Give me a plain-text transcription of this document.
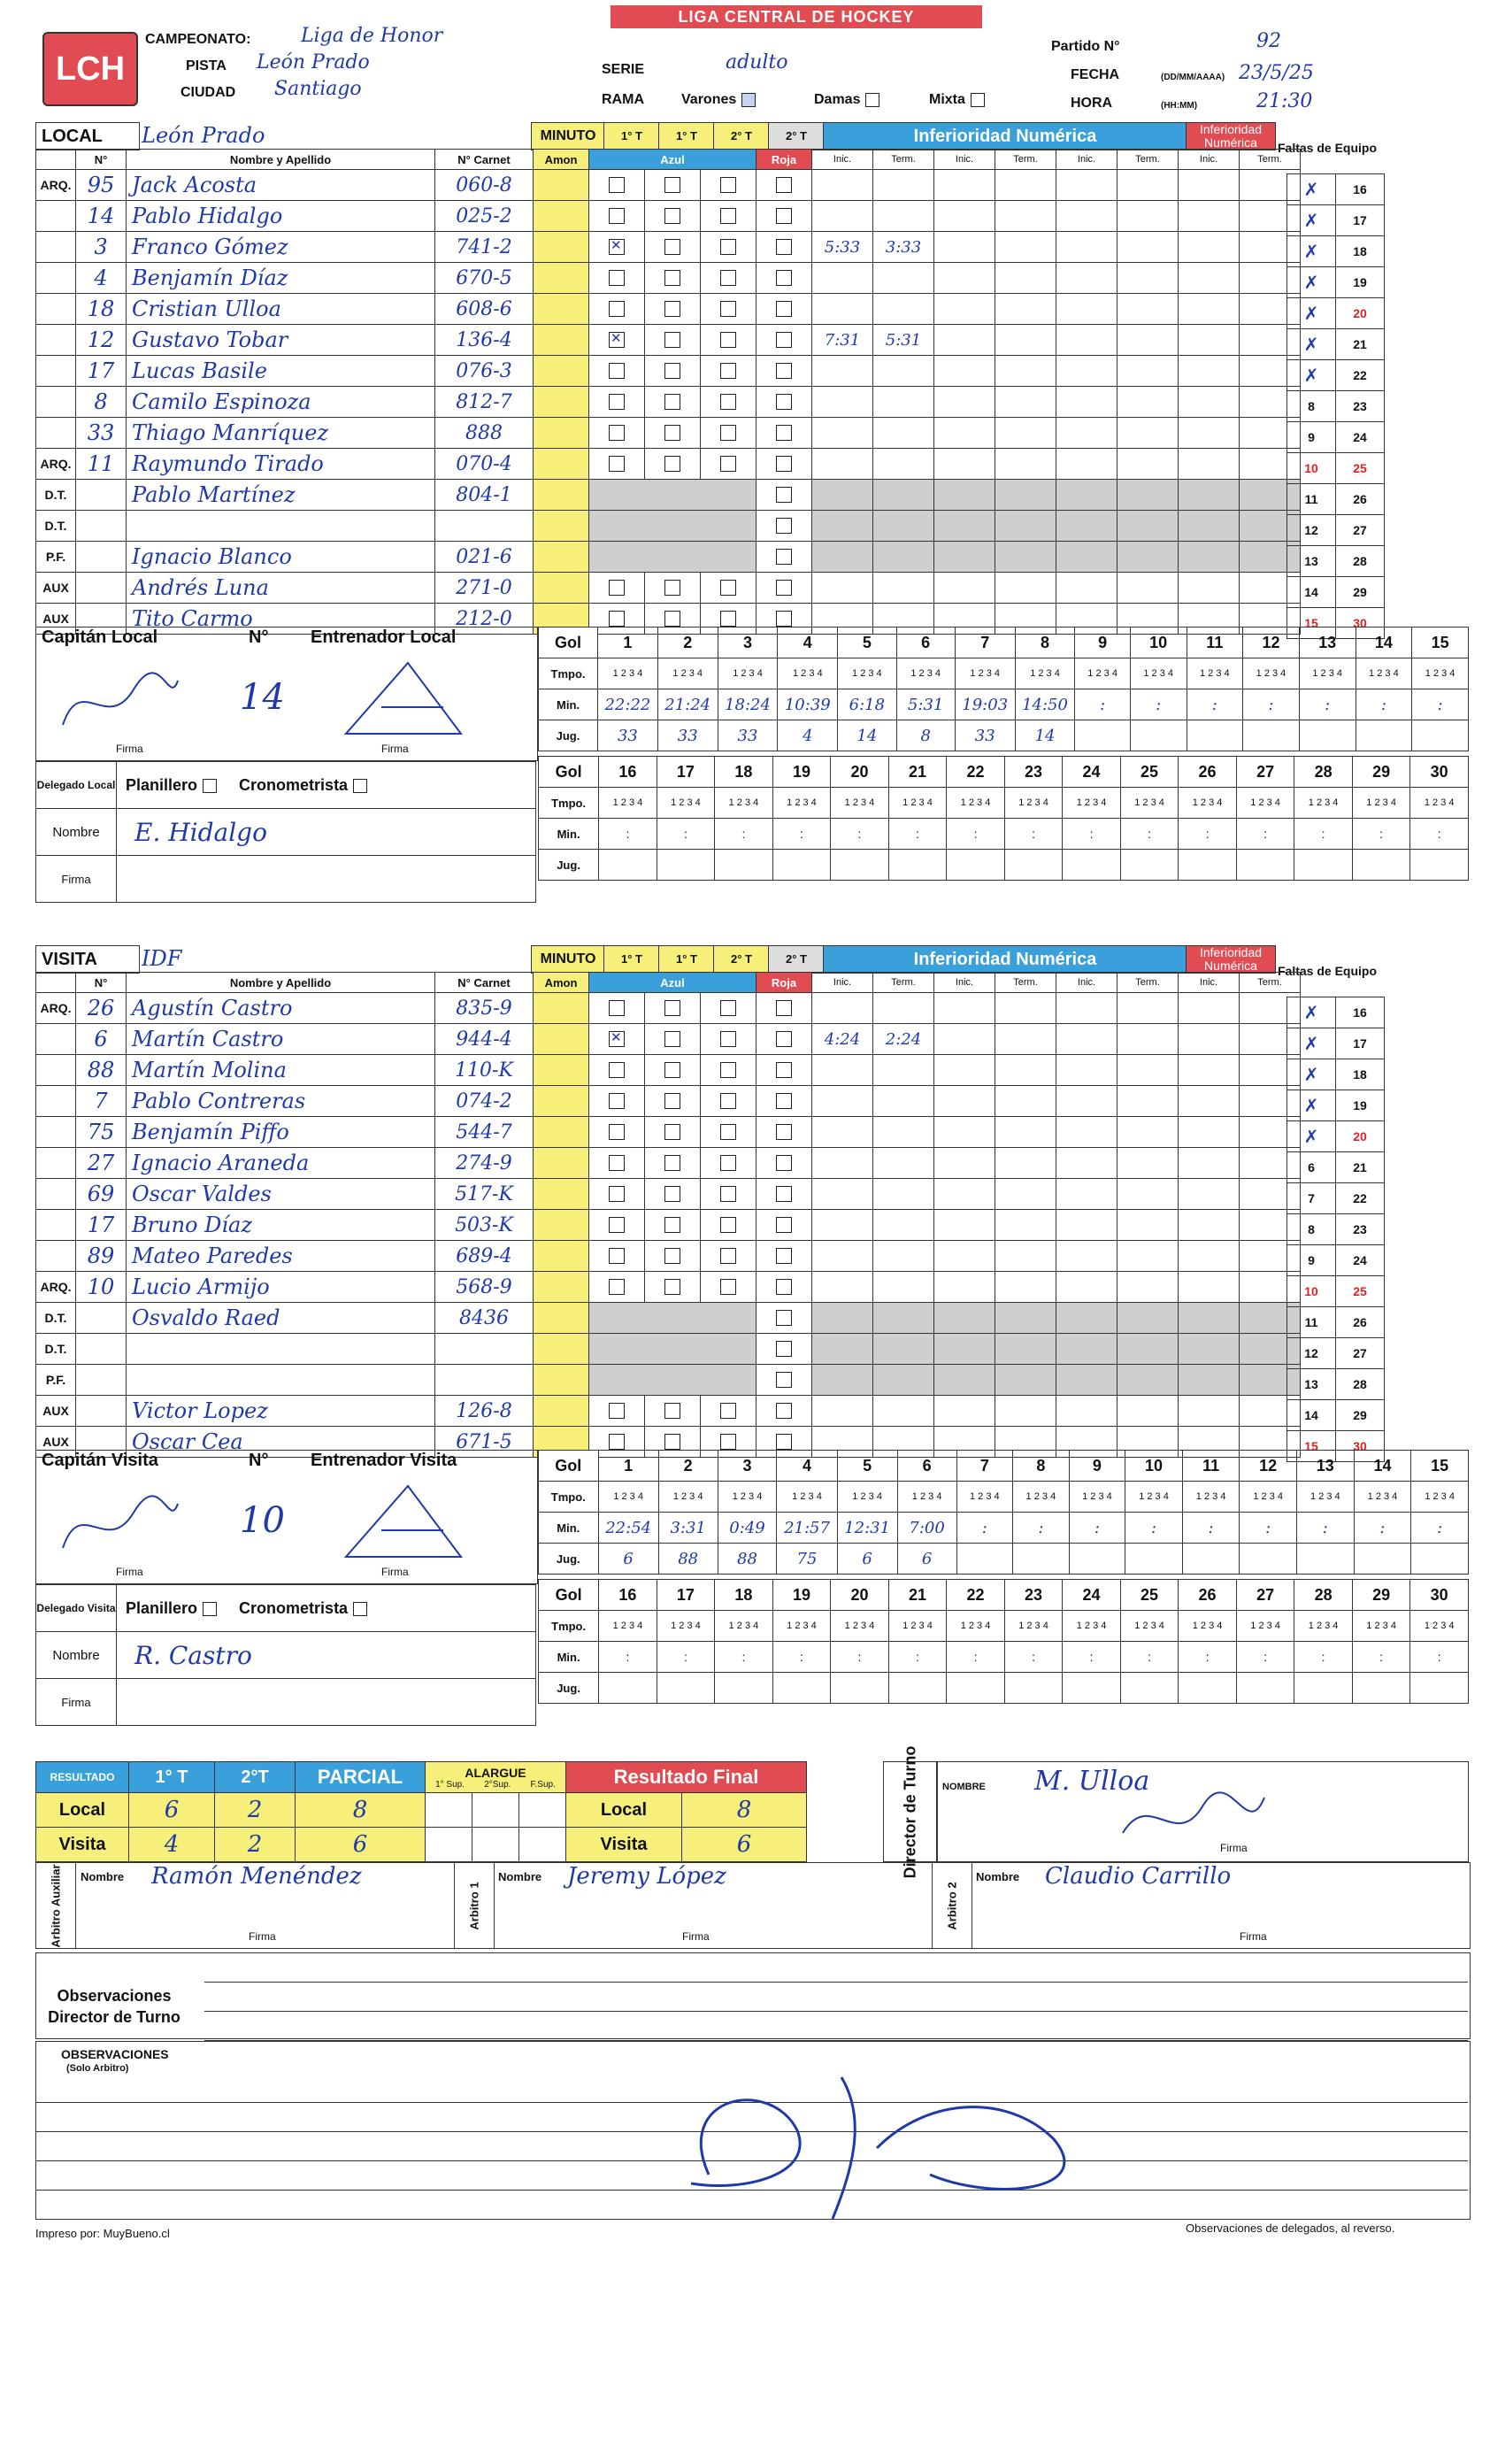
LCH
LIGA CENTRAL DE HOCKEY
CAMPEONATO:	Liga de Honor
PISTA León Prado
CIUDAD Santiago
SERIE	adulto
RAMA	Varones	Damas	Mixta
Partido N°	92
FECHA	(DD/MM/AAAA) 23/5/25
HORA	(HH:MM)	21:30
LOCAL	León Prado	MINUTO	1° T	1° T	2° T	2° T	Inferioridad Numérica	Inferioridad Numérica	Faltas de Equipo
	N°	Nombre y Apellido	N° Carnet	Amon	Azul			Roja	Inic.	Term.	Inic.	Term.	Inic.	Term.	Inic.	Term.
ARQ.	95	Jack Acosta	060-8													
	14	Pablo Hidalgo	025-2													
	3	Franco Gómez	741-2		✕				5:33	3:33						
	4	Benjamín Díaz	670-5													
	18	Cristian Ulloa	608-6													
	12	Gustavo Tobar	136-4		✕				7:31	5:31						
	17	Lucas Basile	076-3													
	8	Camilo Espinoza	812-7													
	33	Thiago Manríquez	888													
ARQ.	11	Raymundo Tirado	070-4													
D.T.		Pablo Martínez	804-1													
D.T.																
P.F.		Ignacio Blanco	021-6													
AUX		Andrés Luna	271-0													
AUX		Tito Carmo	212-0													
✗	16
✗	17
✗	18
✗	19
✗	20
✗	21
✗	22
8	23
9	24
10	25
11	26
12	27
13	28
14	29
15	30
Capitán Local	N° Entrenador Local
14
Firma	Firma
Delegado Local	Planillero Cronometrista
Nombre	E. Hidalgo
Firma	
Gol	1	2	3	4	5	6	7	8	9	10	11	12	13	14	15
Tmpo.	1 2 3 4	1 2 3 4	1 2 3 4	1 2 3 4	1 2 3 4	1 2 3 4	1 2 3 4	1 2 3 4	1 2 3 4	1 2 3 4	1 2 3 4	1 2 3 4	1 2 3 4	1 2 3 4	1 2 3 4
Min.	22:22	21:24	18:24	10:39	6:18	5:31	19:03	14:50	:	:	:	:	:	:	:
Jug.	33	33	33	4	14	8	33	14							
Gol	16	17	18	19	20	21	22	23	24	25	26	27	28	29	30
Tmpo.	1 2 3 4	1 2 3 4	1 2 3 4	1 2 3 4	1 2 3 4	1 2 3 4	1 2 3 4	1 2 3 4	1 2 3 4	1 2 3 4	1 2 3 4	1 2 3 4	1 2 3 4	1 2 3 4	1 2 3 4
Min.	:	:	:	:	:	:	:	:	:	:	:	:	:	:	:
Jug.															
VISITA	IDF	MINUTO	1° T	1° T	2° T	2° T	Inferioridad Numérica	Inferioridad Numérica	Faltas de Equipo
	N°	Nombre y Apellido	N° Carnet	Amon	Azul			Roja	Inic.	Term.	Inic.	Term.	Inic.	Term.	Inic.	Term.
ARQ.	26	Agustín Castro	835-9													
	6	Martín Castro	944-4		✕				4:24	2:24						
	88	Martín Molina	110-K													
	7	Pablo Contreras	074-2													
	75	Benjamín Piffo	544-7													
	27	Ignacio Araneda	274-9													
	69	Oscar Valdes	517-K													
	17	Bruno Díaz	503-K													
	89	Mateo Paredes	689-4													
ARQ.	10	Lucio Armijo	568-9													
D.T.		Osvaldo Raed	8436													
D.T.																
P.F.																
AUX		Victor Lopez	126-8													
AUX		Oscar Cea	671-5													
✗	16
✗	17
✗	18
✗	19
✗	20
6	21
7	22
8	23
9	24
10	25
11	26
12	27
13	28
14	29
15	30
Capitán Visita	N° Entrenador Visita
10
Firma	Firma
Delegado Visita	Planillero Cronometrista
Nombre	R. Castro
Firma	
Gol	1	2	3	4	5	6	7	8	9	10	11	12	13	14	15
Tmpo.	1 2 3 4	1 2 3 4	1 2 3 4	1 2 3 4	1 2 3 4	1 2 3 4	1 2 3 4	1 2 3 4	1 2 3 4	1 2 3 4	1 2 3 4	1 2 3 4	1 2 3 4	1 2 3 4	1 2 3 4
Min.	22:54	3:31	0:49	21:57	12:31	7:00	:	:	:	:	:	:	:	:	:
Jug.	6	88	88	75	6	6									
Gol	16	17	18	19	20	21	22	23	24	25	26	27	28	29	30
Tmpo.	1 2 3 4	1 2 3 4	1 2 3 4	1 2 3 4	1 2 3 4	1 2 3 4	1 2 3 4	1 2 3 4	1 2 3 4	1 2 3 4	1 2 3 4	1 2 3 4	1 2 3 4	1 2 3 4	1 2 3 4
Min.	:	:	:	:	:	:	:	:	:	:	:	:	:	:	:
Jug.															
RESULTADO	1° T	2°T	PARCIAL	ALARGUE
1° Sup. 2°Sup. F.Sup.			Resultado Final	
Local	6	2	8				Local	8
Visita	4	2	6				Visita	6	Director de Turno NOMBRE M. Ulloa
Firma
Arbitro Auxiliar Nombre Ramón Menéndez
Firma
Arbitro 1
Nombre Jeremy López
Firma
Arbitro 2
Nombre Claudio Carrillo
Firma
Observaciones Director de Turno
OBSERVACIONES
(Solo Arbitro)
Impreso por: MuyBueno.cl	Observaciones de delegados, al reverso.
